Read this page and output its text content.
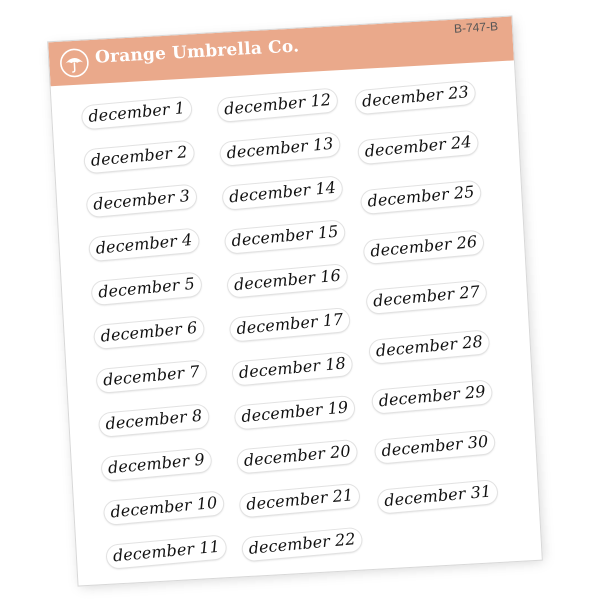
Orange Umbrella Co.
B-747-B
december 1
december 2
december 3
december 4
december 5
december 6
december 7
december 8
december 9
december 10
december 11
december 12
december 13
december 14
december 15
december 16
december 17
december 18
december 19
december 20
december 21
december 22
december 23
december 24
december 25
december 26
december 27
december 28
december 29
december 30
december 31
